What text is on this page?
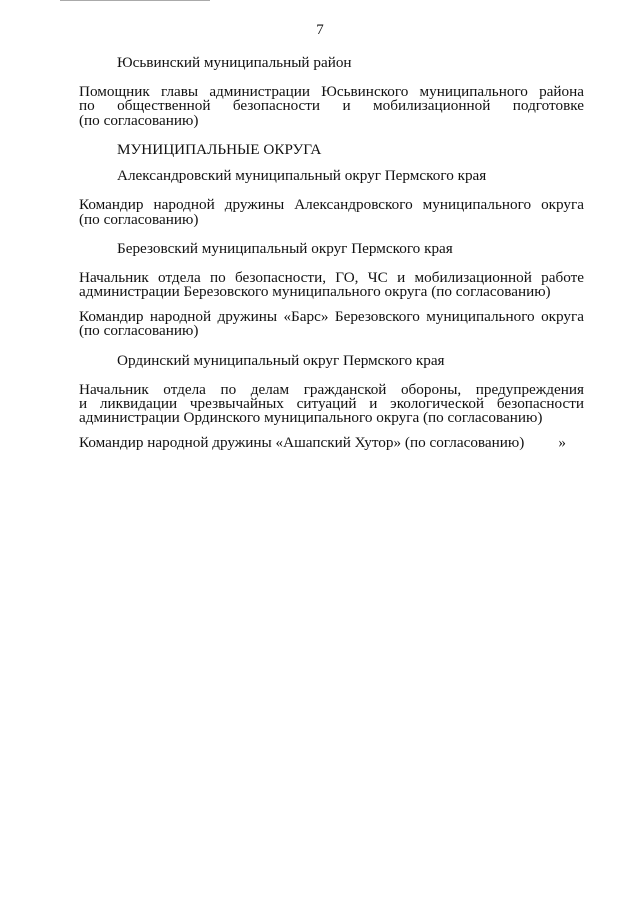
7

Юсьвинский муниципальный район

Помощник главы администрации Юсьвинского муниципального района
по общественной безопасности и мобилизационной подготовке
(по согласованию)

МУНИЦИПАЛЬНЫЕ ОКРУГА

Александровский муниципальный округ Пермского края

Командир народной дружины Александровского муниципального округа
(по согласованию)

Березовский муниципальный округ Пермского края

Начальник отдела по безопасности, ГО, ЧС и мобилизационной работе
администрации Березовского муниципального округа (по согласованию)

Командир народной дружины «Барс» Березовского муниципального округа
(по согласованию)

Ординский муниципальный округ Пермского края

Начальник отдела по делам гражданской обороны, предупреждения
и ликвидации чрезвычайных ситуаций и экологической безопасности
администрации Ординского муниципального округа (по согласованию)

Командир народной дружины «Ашапский Хутор» (по согласованию) »
